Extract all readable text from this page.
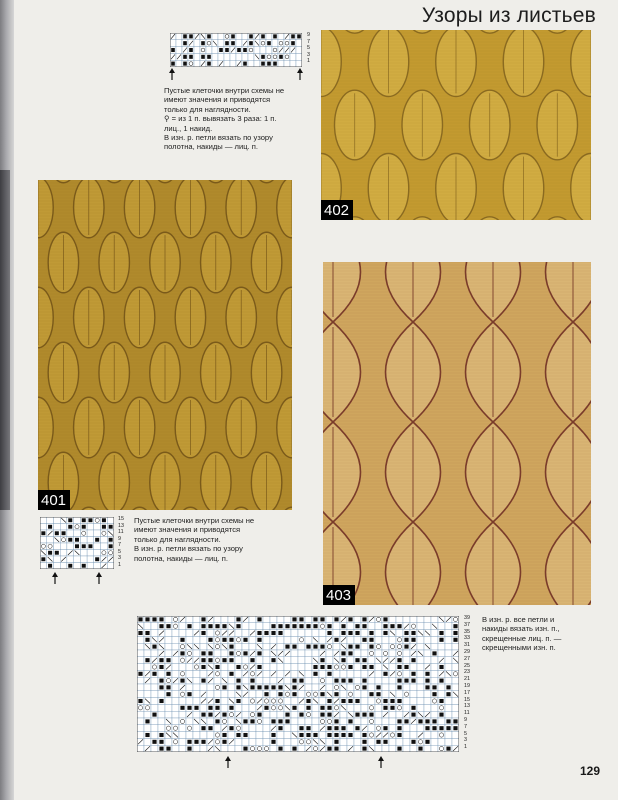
Узоры из листьев
9
7
5
3
1
Пустые клеточки внутри схемы не
имеют значения и приводятся
только для наглядности.
⚲ = из 1 п. вывязать 3 раза: 1 п.
лиц., 1 накид.
В изн. р. петли вязать по узору
полотна, накиды — лиц. п.
402
401
403
15
13
11
9
7
5
3
1
Пустые клеточки внутри схемы не
имеют значения и приводятся
только для наглядности.
В изн. р. петли вязать по узору
полотна, накиды — лиц. п.
39
37
35
33
31
29
27
25
23
21
19
17
15
13
11
9
7
5
3
1
В изн. р. все петли и
накиды вязать изн. п.,
скрещенные лиц. п. —
скрещенными изн. п.
129
